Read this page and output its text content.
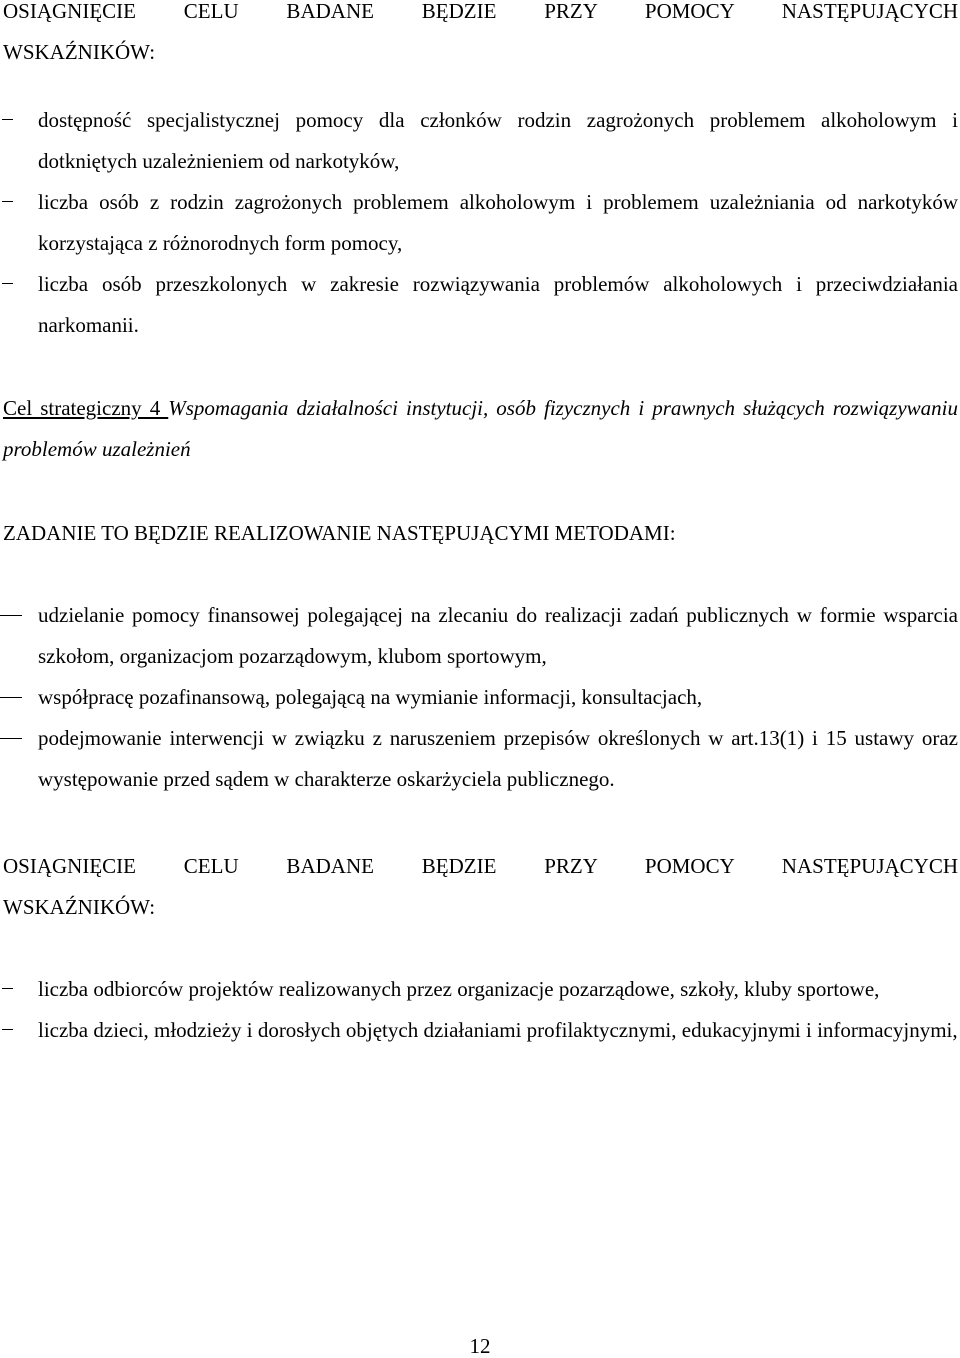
OSIĄGNIĘCIE CELU BADANE BĘDZIE PRZY POMOCY NASTĘPUJĄCYCH
WSKAŹNIKÓW:
dostępność specjalistycznej pomocy dla członków rodzin zagrożonych problemem alkoholowym i dotkniętych uzależnieniem od narkotyków,
liczba osób z rodzin zagrożonych problemem alkoholowym i problemem uzależniania od narkotyków korzystająca z różnorodnych form pomocy,
liczba osób przeszkolonych w zakresie rozwiązywania problemów alkoholowych i przeciwdziałania narkomanii.
Cel strategiczny 4 Wspomagania działalności instytucji, osób fizycznych i prawnych służących rozwiązywaniu problemów uzależnień
ZADANIE TO BĘDZIE REALIZOWANIE NASTĘPUJĄCYMI METODAMI:
udzielanie pomocy finansowej polegającej na zlecaniu do realizacji zadań publicznych w formie wsparcia szkołom, organizacjom pozarządowym, klubom sportowym,
współpracę pozafinansową, polegającą na wymianie informacji, konsultacjach,
podejmowanie interwencji w związku z naruszeniem przepisów określonych w art.13(1) i 15 ustawy oraz występowanie przed sądem w charakterze oskarżyciela publicznego.
OSIĄGNIĘCIE CELU BADANE BĘDZIE PRZY POMOCY NASTĘPUJĄCYCH
WSKAŹNIKÓW:
liczba odbiorców projektów realizowanych przez organizacje pozarządowe, szkoły, kluby sportowe,
liczba dzieci, młodzieży i dorosłych objętych działaniami profilaktycznymi, edukacyjnymi i informacyjnymi,
12
